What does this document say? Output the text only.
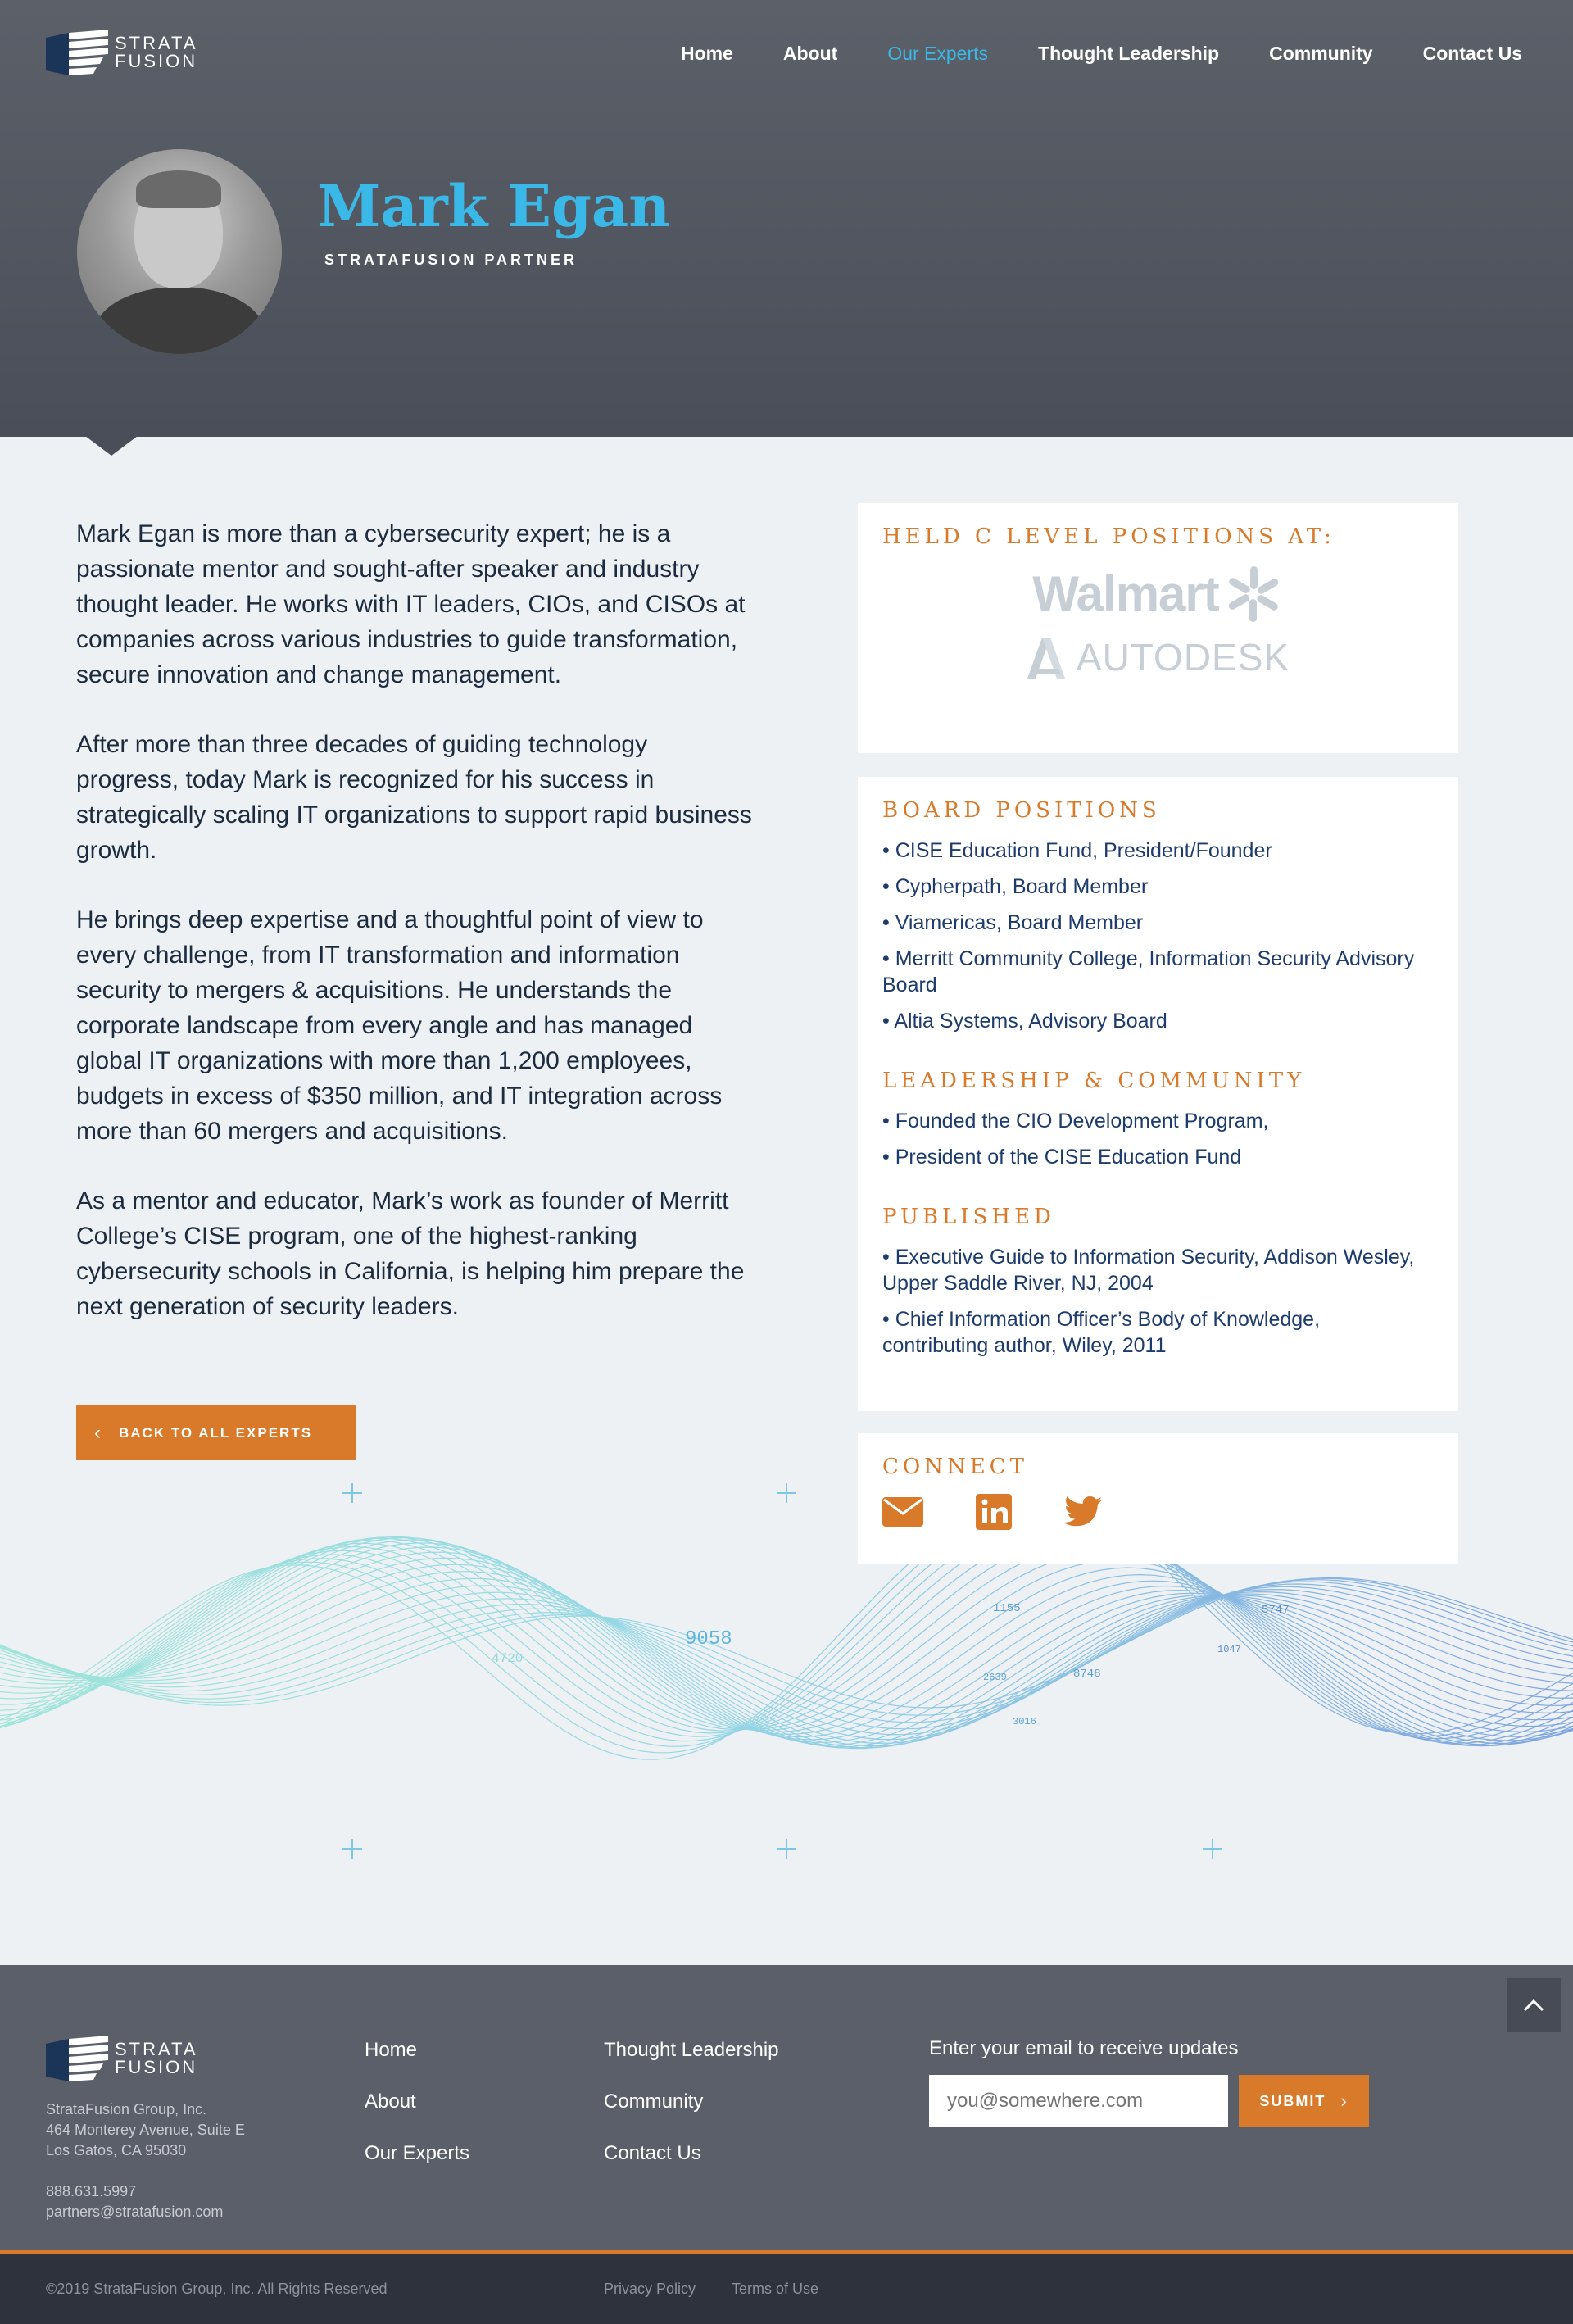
STRATA
FUSION	Home	About	Our Experts	Thought Leadership	Community	Contact Us
Mark Egan
STRATAFUSION PARTNER
9058
1155
8748
5747
4720
2639
3016
1047

Mark Egan is more than a cybersecurity expert; he is a passionate mentor and sought-after speaker and industry thought leader. He works with IT leaders, CIOs, and CISOs at companies across various industries to guide transformation, secure innovation and change management.

After more than three decades of guiding technology progress, today Mark is recognized for his success in strategically scaling IT organizations to support rapid business growth.

He brings deep expertise and a thoughtful point of view to every challenge, from IT transformation and information security to mergers & acquisitions. He understands the corporate landscape from every angle and has managed global IT organizations with more than 1,200 employees, budgets in excess of $350 million, and IT integration across more than 60 mergers and acquisitions.

As a mentor and educator, Mark’s work as founder of Merritt College’s CISE program, one of the highest-ranking cybersecurity schools in California, is helping him prepare the next generation of security leaders.

‹ BACK TO ALL EXPERTS
HELD C LEVEL POSITIONS AT:
Walmart
AUTODESK
BOARD POSITIONS
• CISE Education Fund, President/Founder
• Cypherpath, Board Member
• Viamericas, Board Member
• Merritt Community College, Information Security Advisory Board
• Altia Systems, Advisory Board
LEADERSHIP & COMMUNITY
• Founded the CIO Development Program,
• President of the CISE Education Fund
PUBLISHED
• Executive Guide to Information Security, Addison Wesley, Upper Saddle River, NJ, 2004
• Chief Information Officer’s Body of Knowledge, contributing author, Wiley, 2011
CONNECT
STRATA
FUSION
StrataFusion Group, Inc.
464 Monterey Avenue, Suite E
Los Gatos, CA 95030
888.631.5997
partners@stratafusion.com
Home
About
Our Experts
Thought Leadership
Community
Contact Us
Enter your email to receive updates
you@somewhere.com
SUBMIT ›
©2019 StrataFusion Group, Inc. All Rights Reserved	Privacy Policy Terms of Use
